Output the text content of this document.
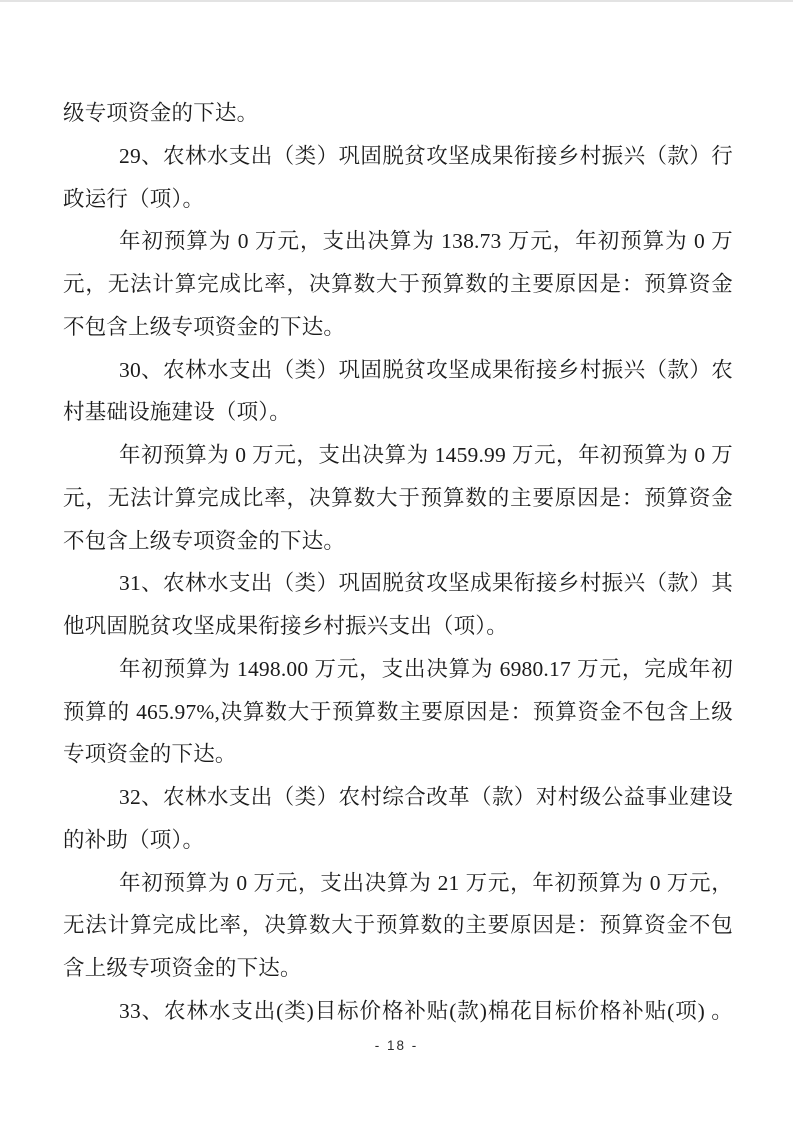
级专项资金的下达。
29、农林水支出（类）巩固脱贫攻坚成果衔接乡村振兴（款）行
政运行（项）。
年初预算为 0 万元，支出决算为 138.73 万元，年初预算为 0 万
元，无法计算完成比率，决算数大于预算数的主要原因是：预算资金
不包含上级专项资金的下达。
30、农林水支出（类）巩固脱贫攻坚成果衔接乡村振兴（款）农
村基础设施建设（项）。
年初预算为 0 万元，支出决算为 1459.99 万元，年初预算为 0 万
元，无法计算完成比率，决算数大于预算数的主要原因是：预算资金
不包含上级专项资金的下达。
31、农林水支出（类）巩固脱贫攻坚成果衔接乡村振兴（款）其
他巩固脱贫攻坚成果衔接乡村振兴支出（项）。
年初预算为 1498.00 万元，支出决算为 6980.17 万元，完成年初
预算的 465.97%,决算数大于预算数主要原因是：预算资金不包含上级
专项资金的下达。
32、农林水支出（类）农村综合改革（款）对村级公益事业建设
的补助（项）。
年初预算为 0 万元，支出决算为 21 万元，年初预算为 0 万元，
无法计算完成比率，决算数大于预算数的主要原因是：预算资金不包
含上级专项资金的下达。
33、农林水支出(类)目标价格补贴(款)棉花目标价格补贴(项) 。
- 18 -
